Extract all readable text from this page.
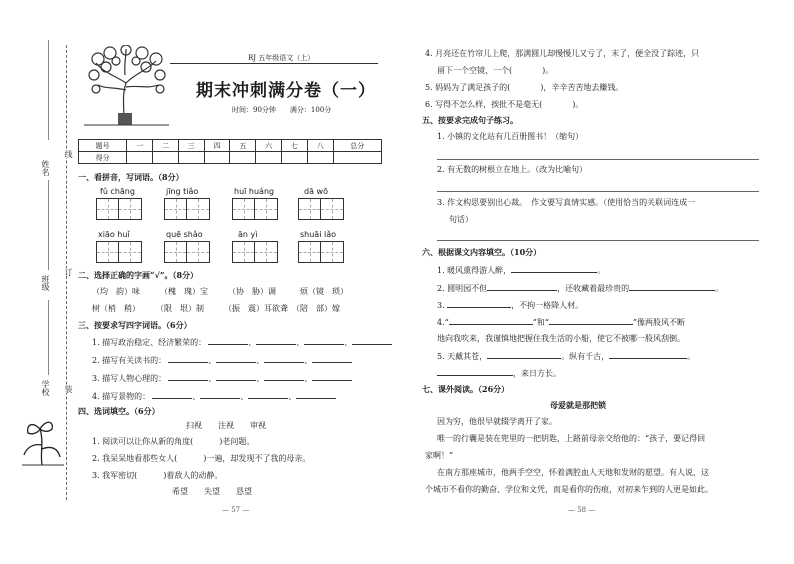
姓名
线
班级
订
学校 装
RJ 五年级语文（上）
期末冲刺满分卷（一）
时间：90分钟　　满分：100分
题号	一	二	三	四	五	六	七	八	总分
得分									
一、看拼音，写词语。（8分）
fǔ chāng	jīng tiǎo	huī huáng	dā wō
xiāo huǐ	quē shǎo	ān yì	shuāi lǎo
二、选择正确的字画“√”。（8分）
（均　韵）味　　　（槐　瑰）宝　　　（协　胁）调　　　烦（镜　琐）
树（梢　稍）　　　（限　垠）制　　　（振　震）耳欲聋　（陪　部）嫁
三、按要求写四字词语。（6分）
1. 描写政治稳定、经济繁荣的：	、	、	、
2. 描写有关读书的：	、	、	、
3. 描写人物心理的：	、	、	、
4. 描写景物的：	、	、	、
四、选词填空。（6分）
扫视　　注视　　审视
1. 阅读可以让你从新的角度(	)老问题。
2. 我呆呆地看那些女人(	)一遍，却发现不了我的母亲。
3. 我军密切(	)着敌人的动静。
希望　　失望　　恳望
— 57 —
4. 月亮还在竹帘儿上爬，那满圆儿却慢慢儿又亏了，末了，便全没了踪迹，只
留下一个空镜、一个(	)。
5. 妈妈为了满足孩子的(	)，辛辛苦苦地去赚钱。
6. 写得不怎么样，挨批不是毫无(	)。
五、按要求完成句子练习。
1. 小镇的文化站有几百册图书！（缩句）
2. 有无数的树根立在地上。（改为比喻句）
3. 作文构思要别出心裁。　作文要写真情实感。（使用恰当的关联词连成一
句话）
六、根据课文内容填空。（10分）
1. 暖风熏得游人醉，	。
2. 圆明园不但	，还收藏着最珍贵的	。
3.	，不拘一格降人材。
4.“	”和“	”像两股风不断
地向我吹来，我谨慎地把握住我生活的小船，使它不被哪一股风刮倒。
5. 天戴其苍，	。纵有千古，	。
，来日方长。
七、课外阅读。（26分）
母爱就是那把锁
因为穷，他很早就辍学离开了家。
唯一的行囊是装在兜里的一把钥匙，上路前母亲交给他的：“孩子，要记得回
家啊！”
在南方那座城市，他两手空空，怀着满腔血人天地和发财的愿望。有人说，这
个城市不看你的勤奋、学位和文凭，而是看你的伤痕，对初来乍到的人更是如此。
— 58 —
